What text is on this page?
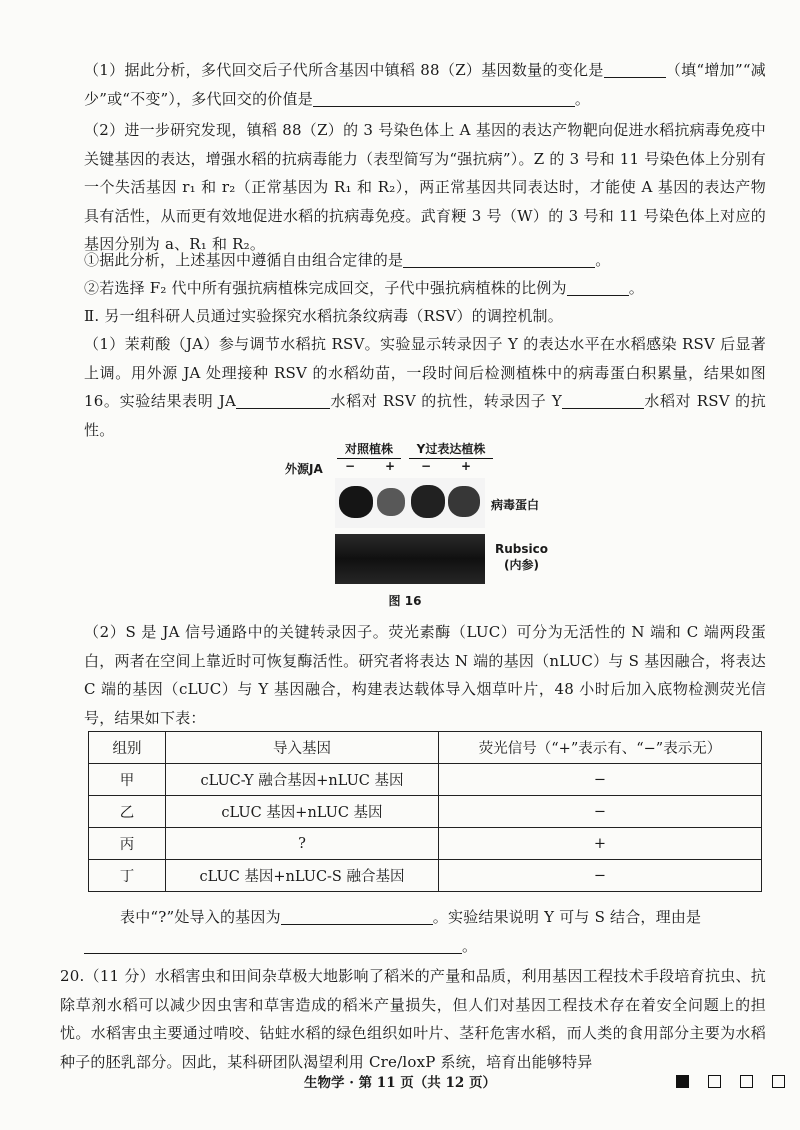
（1）据此分析，多代回交后子代所含基因中镇稻 88（Z）基因数量的变化是	（填“增加”“减少”或“不变”），多代回交的价值是	。

（2）进一步研究发现，镇稻 88（Z）的 3 号染色体上 A 基因的表达产物靶向促进水稻抗病毒免疫中关键基因的表达，增强水稻的抗病毒能力（表型简写为“强抗病”）。Z 的 3 号和 11 号染色体上分别有一个失活基因 r₁ 和 r₂（正常基因为 R₁ 和 R₂），两正常基因共同表达时，才能使 A 基因的表达产物具有活性，从而更有效地促进水稻的抗病毒免疫。武育粳 3 号（W）的 3 号和 11 号染色体上对应的基因分别为 a、R₁ 和 R₂。

①据此分析，上述基因中遵循自由组合定律的是	。

②若选择 F₂ 代中所有强抗病植株完成回交，子代中强抗病植株的比例为	。

Ⅱ. 另一组科研人员通过实验探究水稻抗条纹病毒（RSV）的调控机制。

（1）茉莉酸（JA）参与调节水稻抗 RSV。实验显示转录因子 Y 的表达水平在水稻感染 RSV 后显著上调。用外源 JA 处理接种 RSV 的水稻幼苗，一段时间后检测植株中的病毒蛋白积累量，结果如图 16。实验结果表明 JA	水稻对 RSV 的抗性，转录因子 Y	水稻对 RSV 的抗性。

对照植株	Y过表达植株
外源JA − + − +
病毒蛋白
Rubsico
(内参)
图 16

（2）S 是 JA 信号通路中的关键转录因子。荧光素酶（LUC）可分为无活性的 N 端和 C 端两段蛋白，两者在空间上靠近时可恢复酶活性。研究者将表达 N 端的基因（nLUC）与 S 基因融合，将表达 C 端的基因（cLUC）与 Y 基因融合，构建表达载体导入烟草叶片，48 小时后加入底物检测荧光信号，结果如下表：

组别	导入基因	荧光信号（“+”表示有、“−”表示无）
甲	cLUC-Y 融合基因+nLUC 基因	−
乙	cLUC 基因+nLUC 基因	−
丙	?	+
丁	cLUC 基因+nLUC-S 融合基因	−

表中“?”处导入的基因为	。实验结果说明 Y 可与 S 结合，理由是
。

20.（11 分）水稻害虫和田间杂草极大地影响了稻米的产量和品质，利用基因工程技术手段培育抗虫、抗除草剂水稻可以减少因虫害和草害造成的稻米产量损失，但人们对基因工程技术存在着安全问题上的担忧。水稻害虫主要通过啃咬、钻蛀水稻的绿色组织如叶片、茎秆危害水稻，而人类的食用部分主要为水稻种子的胚乳部分。因此，某科研团队渴望利用 Cre/loxP 系统，培育出能够特异

生物学 · 第 11 页（共 12 页）
